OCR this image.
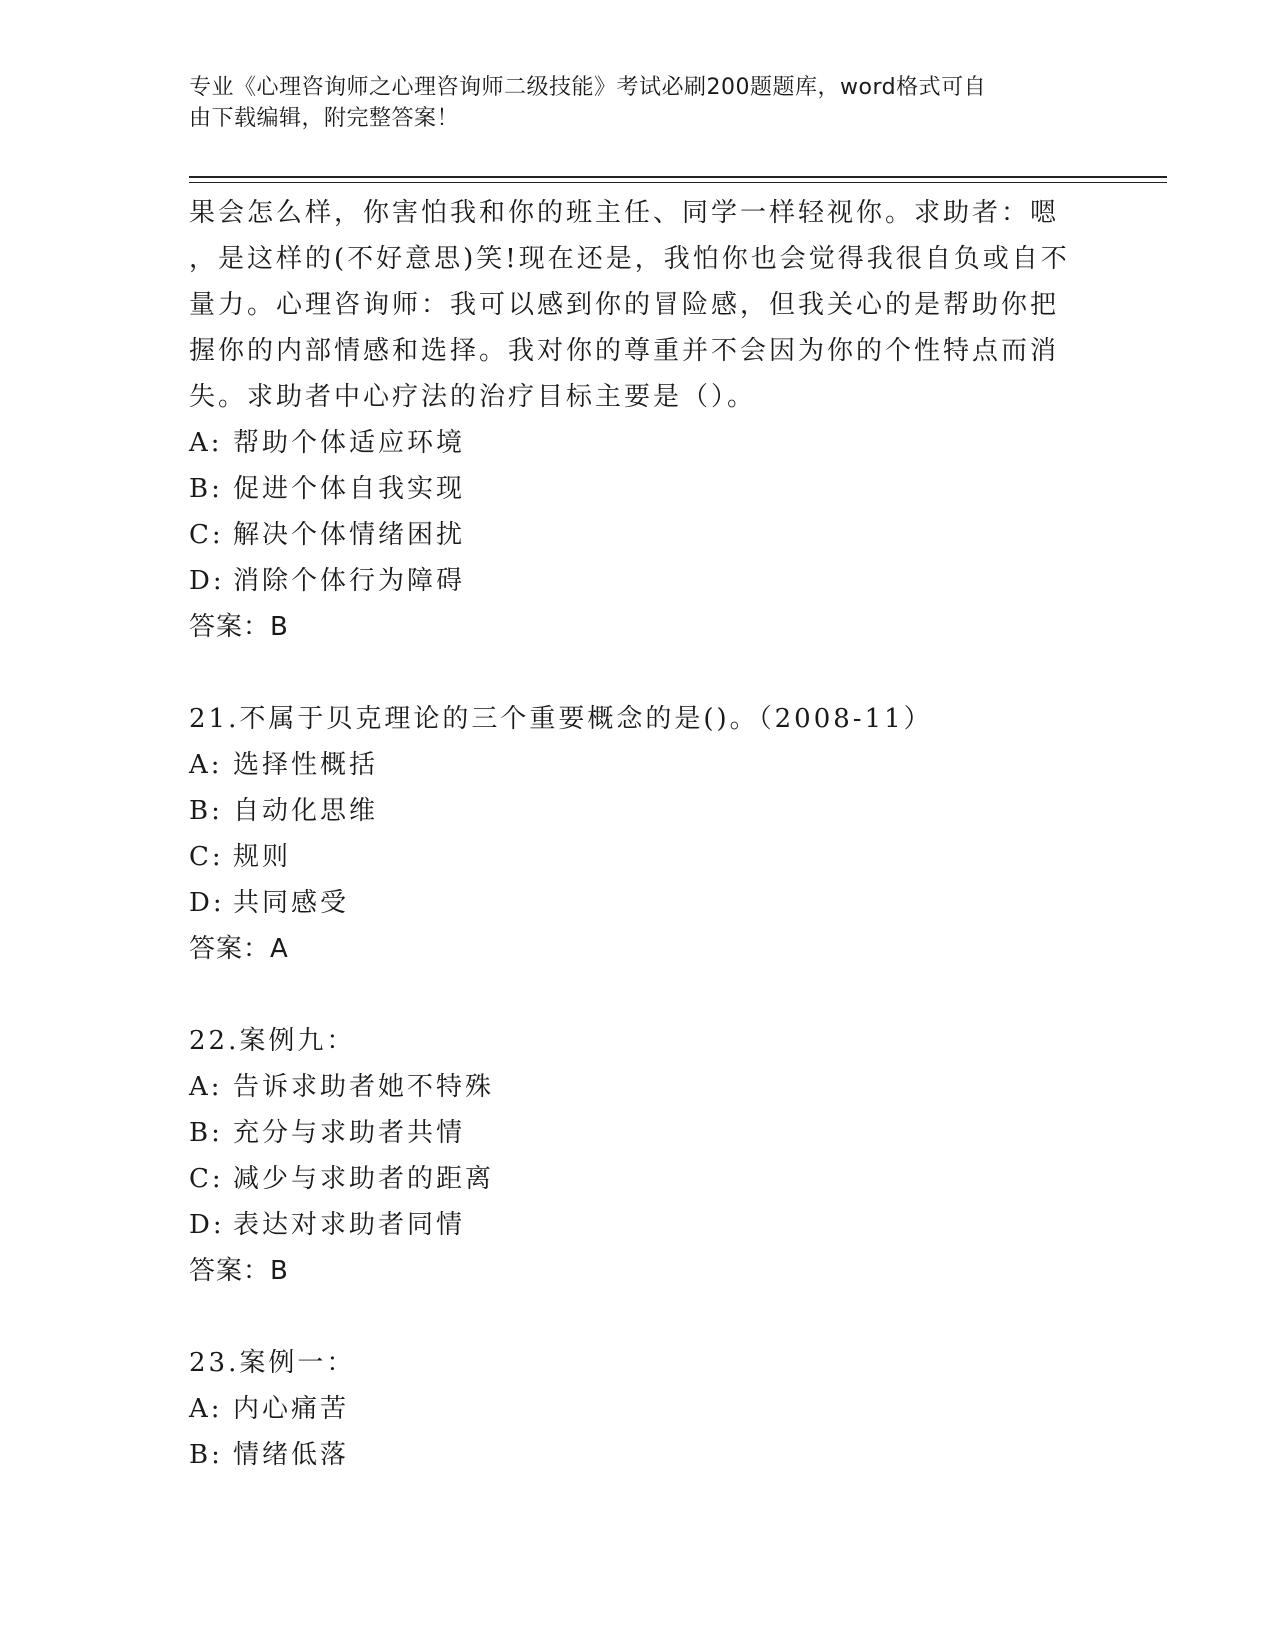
专业《心理咨询师之心理咨询师二级技能》考试必刷200题题库，word格式可自
由下载编辑，附完整答案！
果会怎么样，你害怕我和你的班主任、同学一样轻视你。求助者：嗯
，是这样的(不好意思)笑!现在还是，我怕你也会觉得我很自负或自不
量力。心理咨询师：我可以感到你的冒险感，但我关心的是帮助你把
握你的内部情感和选择。我对你的尊重并不会因为你的个性特点而消
失。求助者中心疗法的治疗目标主要是（）。
A: 帮助个体适应环境
B: 促进个体自我实现
C: 解决个体情绪困扰
D: 消除个体行为障碍
答案：B
21.不属于贝克理论的三个重要概念的是()。（2008-11）
A: 选择性概括
B: 自动化思维
C: 规则
D: 共同感受
答案：A
22.案例九：
A: 告诉求助者她不特殊
B: 充分与求助者共情
C: 减少与求助者的距离
D: 表达对求助者同情
答案：B
23.案例一：
A: 内心痛苦
B: 情绪低落
